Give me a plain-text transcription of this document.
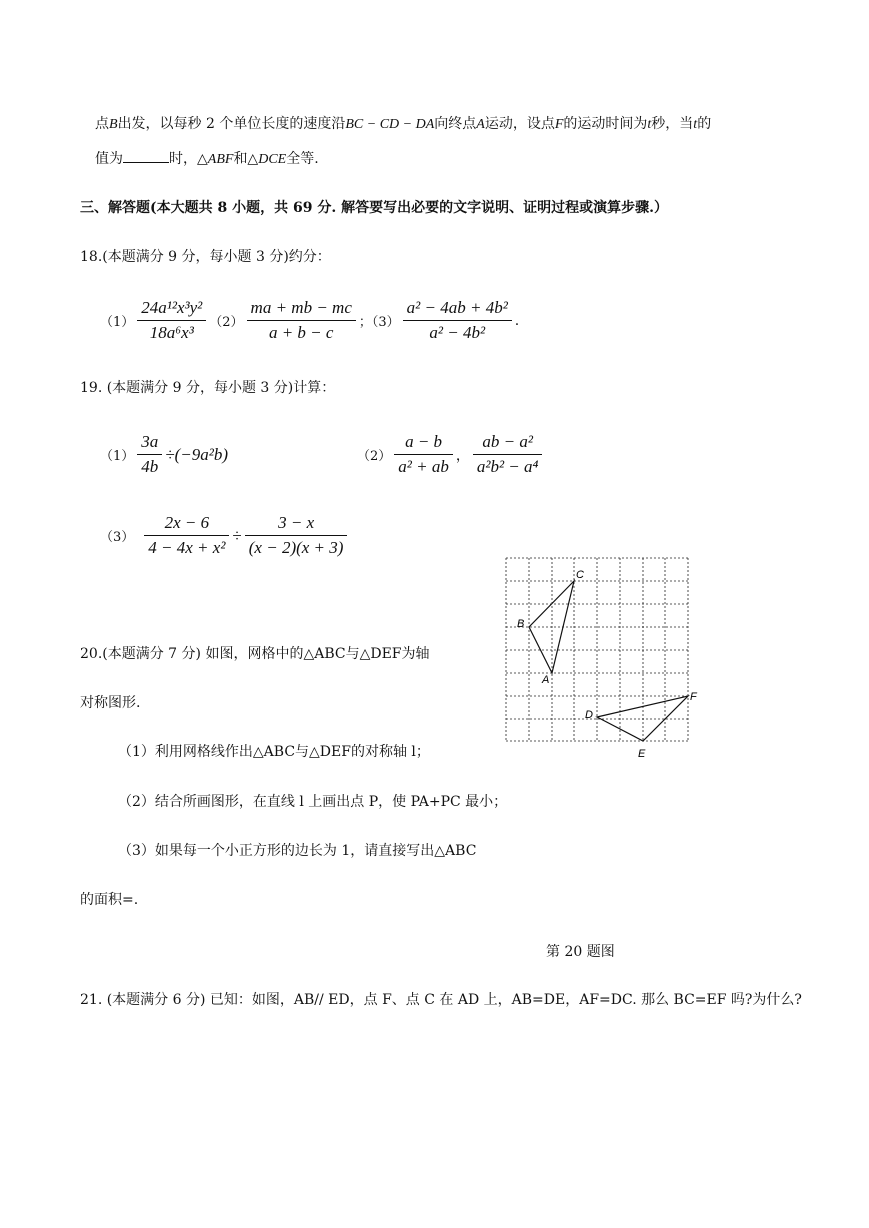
点B出发，以每秒 2 个单位长度的速度沿BC − CD − DA向终点A运动，设点F的运动时间为t秒，当t的
值为	时，△ABF和△DCE全等.
三、解答题(本大题共 8 小题，共 69 分. 解答要写出必要的文字说明、证明过程或演算步骤.）
18.(本题满分 9 分，每小题 3 分)约分：
$(1) \frac{\text{24a¹²x³y²}}{\text{18a⁶x³}} (2) \frac{ma + mb - mc}{a + b - c}$ ；$(3) \frac{\text{a² − 4ab + 4b²}}{\text{a² − 4b²}}$ .
19. (本题满分 9 分，每小题 3 分)计算：
$(1) \frac{3a}{4b} \div(-9a^2b)$	$(2) \frac{a - b}{\text{a² + ab}}$ ， $\frac{\text{ab − a²}}{\text{a²b² − a⁴}}$
$(3) \frac{2x - 6}{\text{4 − 4x + x²}} \div \frac{3 - x}{(x - 2)(x + 3)}$
20.(本题满分 7 分) 如图，网格中的△ABC与△DEF为轴
对称图形.
（1）利用网格线作出△ABC与△DEF的对称轴 l；
（2）结合所画图形，在直线 l 上画出点 P，使 PA+PC 最小；
（3）如果每一个小正方形的边长为 1，请直接写出△ABC
的面积=.
第 20 题图
C
B
A
D
F
E
21. (本题满分 6 分) 已知：如图，AB// ED，点 F、点 C 在 AD 上，AB=DE，AF=DC. 那么 BC=EF 吗?为什么?
